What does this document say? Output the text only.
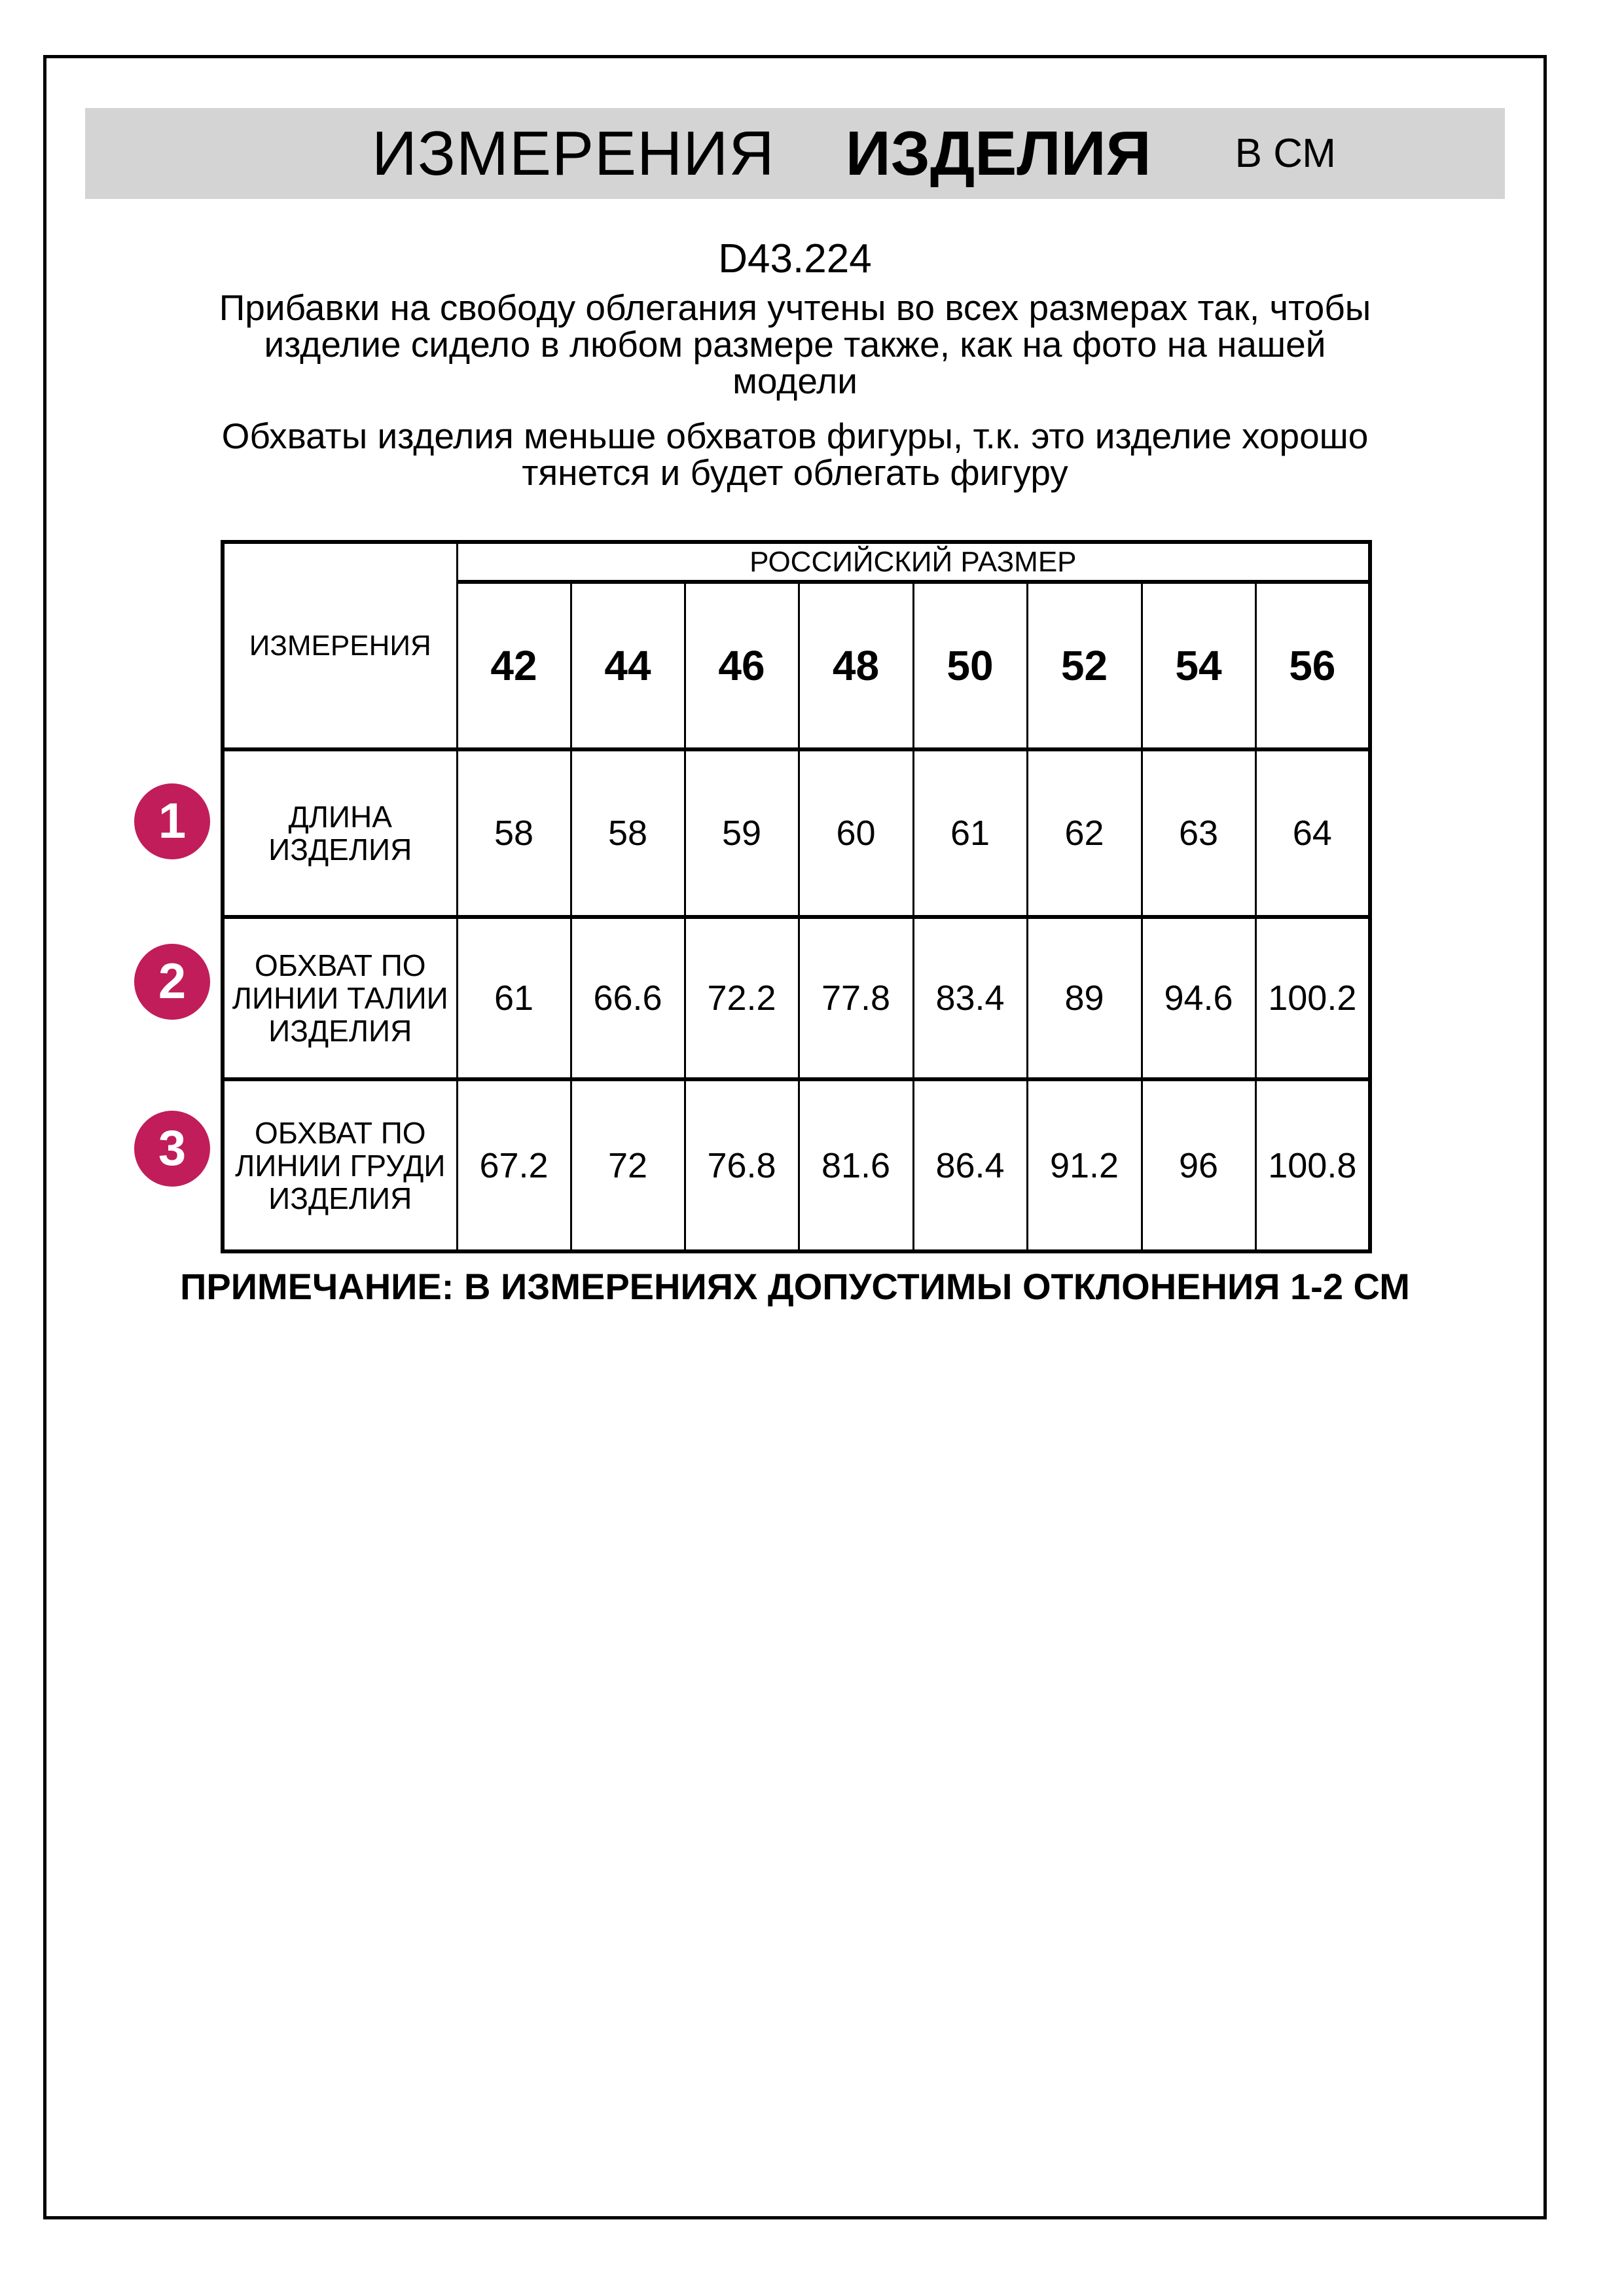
ИЗМЕРЕНИЯ ИЗДЕЛИЯ В СМ
D43.224
Прибавки на свободу облегания учтены во всех размерах так, чтобы
изделие сидело в любом размере также, как на фото на нашей
модели
Обхваты изделия меньше обхватов фигуры, т.к. это изделие хорошо
тянется и будет облегать фигуру
ИЗМЕРЕНИЯ	РОССИЙСКИЙ РАЗМЕР							
	42	44	46	48	50	52	54	56

ДЛИНА
ИЗДЕЛИЯ	58	58	59	60	61	62	63	64

ОБХВАТ ПО
ЛИНИИ ТАЛИИ
ИЗДЕЛИЯ	61	66.6	72.2	77.8	83.4	89	94.6	100.2

ОБХВАТ ПО
ЛИНИИ ГРУДИ
ИЗДЕЛИЯ	67.2	72	76.8	81.6	86.4	91.2	96	100.8
1
2
3
ПРИМЕЧАНИЕ: В ИЗМЕРЕНИЯХ ДОПУСТИМЫ ОТКЛОНЕНИЯ 1-2 СМ
